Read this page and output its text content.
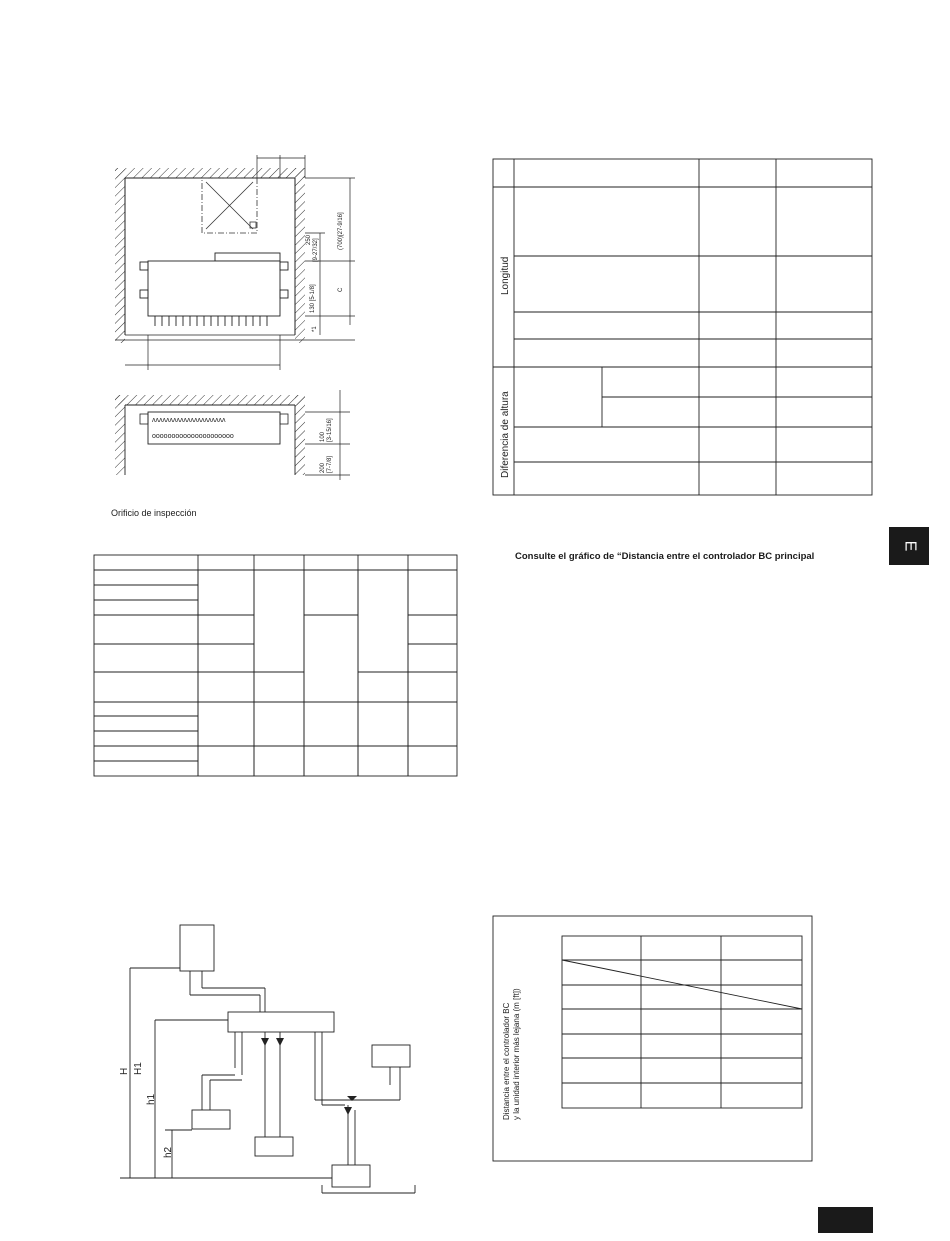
250 [9-27/32]
(700)[27-9/16]
130 [5-1/8]	C
*1
ʌʌʌʌʌʌʌʌʌʌʌʌʌʌʌʌʌʌʌʌʌ
ooooooooooooooooooooo	100 [3-15/16]
200 [7-7/8]
Orificio de inspección
Longitud
Diferencia de altura
Consulte el gráfico de “Distancia entre el controlador BC principal
E
H H1
h1
h2
Distancia entre el controlador BC y la unidad interior más lejana (m [ft])
